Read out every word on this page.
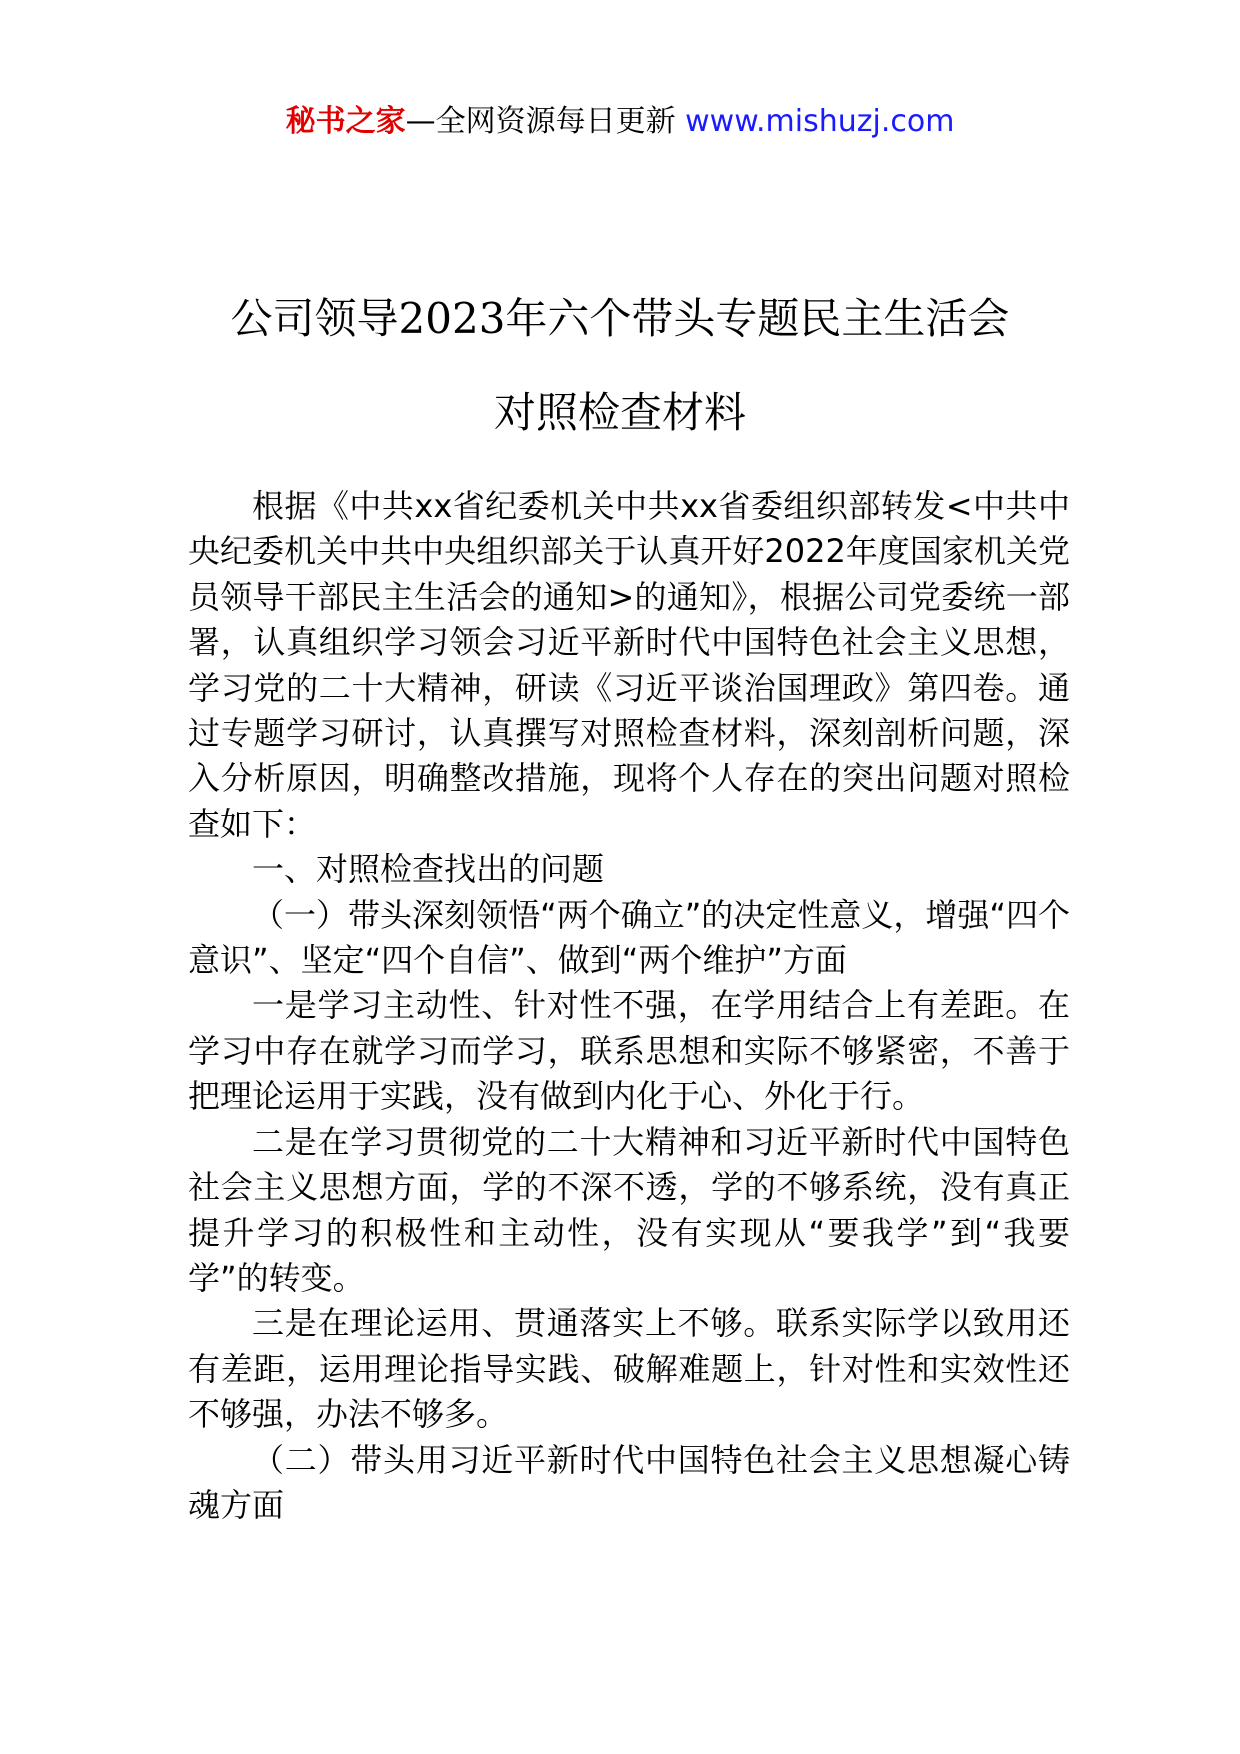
秘书之家—全网资源每日更新 www.mishuzj.com
公司领导2023年六个带头专题民主生活会
对照检查材料

根据《中共xx省纪委机关中共xx省委组织部转发<中共中央纪委机关中共中央组织部关于认真开好2022年度国家机关党员领导干部民主生活会的通知>的通知》，根据公司党委统一部署，认真组织学习领会习近平新时代中国特色社会主义思想，学习党的二十大精神，研读《习近平谈治国理政》第四卷。通过专题学习研讨，认真撰写对照检查材料，深刻剖析问题，深入分析原因，明确整改措施，现将个人存在的突出问题对照检查如下：

一、对照检查找出的问题

（一）带头深刻领悟“两个确立”的决定性意义，增强“四个意识”、坚定“四个自信”、做到“两个维护”方面

一是学习主动性、针对性不强，在学用结合上有差距。在学习中存在就学习而学习，联系思想和实际不够紧密，不善于把理论运用于实践，没有做到内化于心、外化于行。

二是在学习贯彻党的二十大精神和习近平新时代中国特色社会主义思想方面，学的不深不透，学的不够系统，没有真正提升学习的积极性和主动性，没有实现从“要我学”到“我要学”的转变。

三是在理论运用、贯通落实上不够。联系实际学以致用还有差距，运用理论指导实践、破解难题上，针对性和实效性还不够强，办法不够多。

（二）带头用习近平新时代中国特色社会主义思想凝心铸魂方面
